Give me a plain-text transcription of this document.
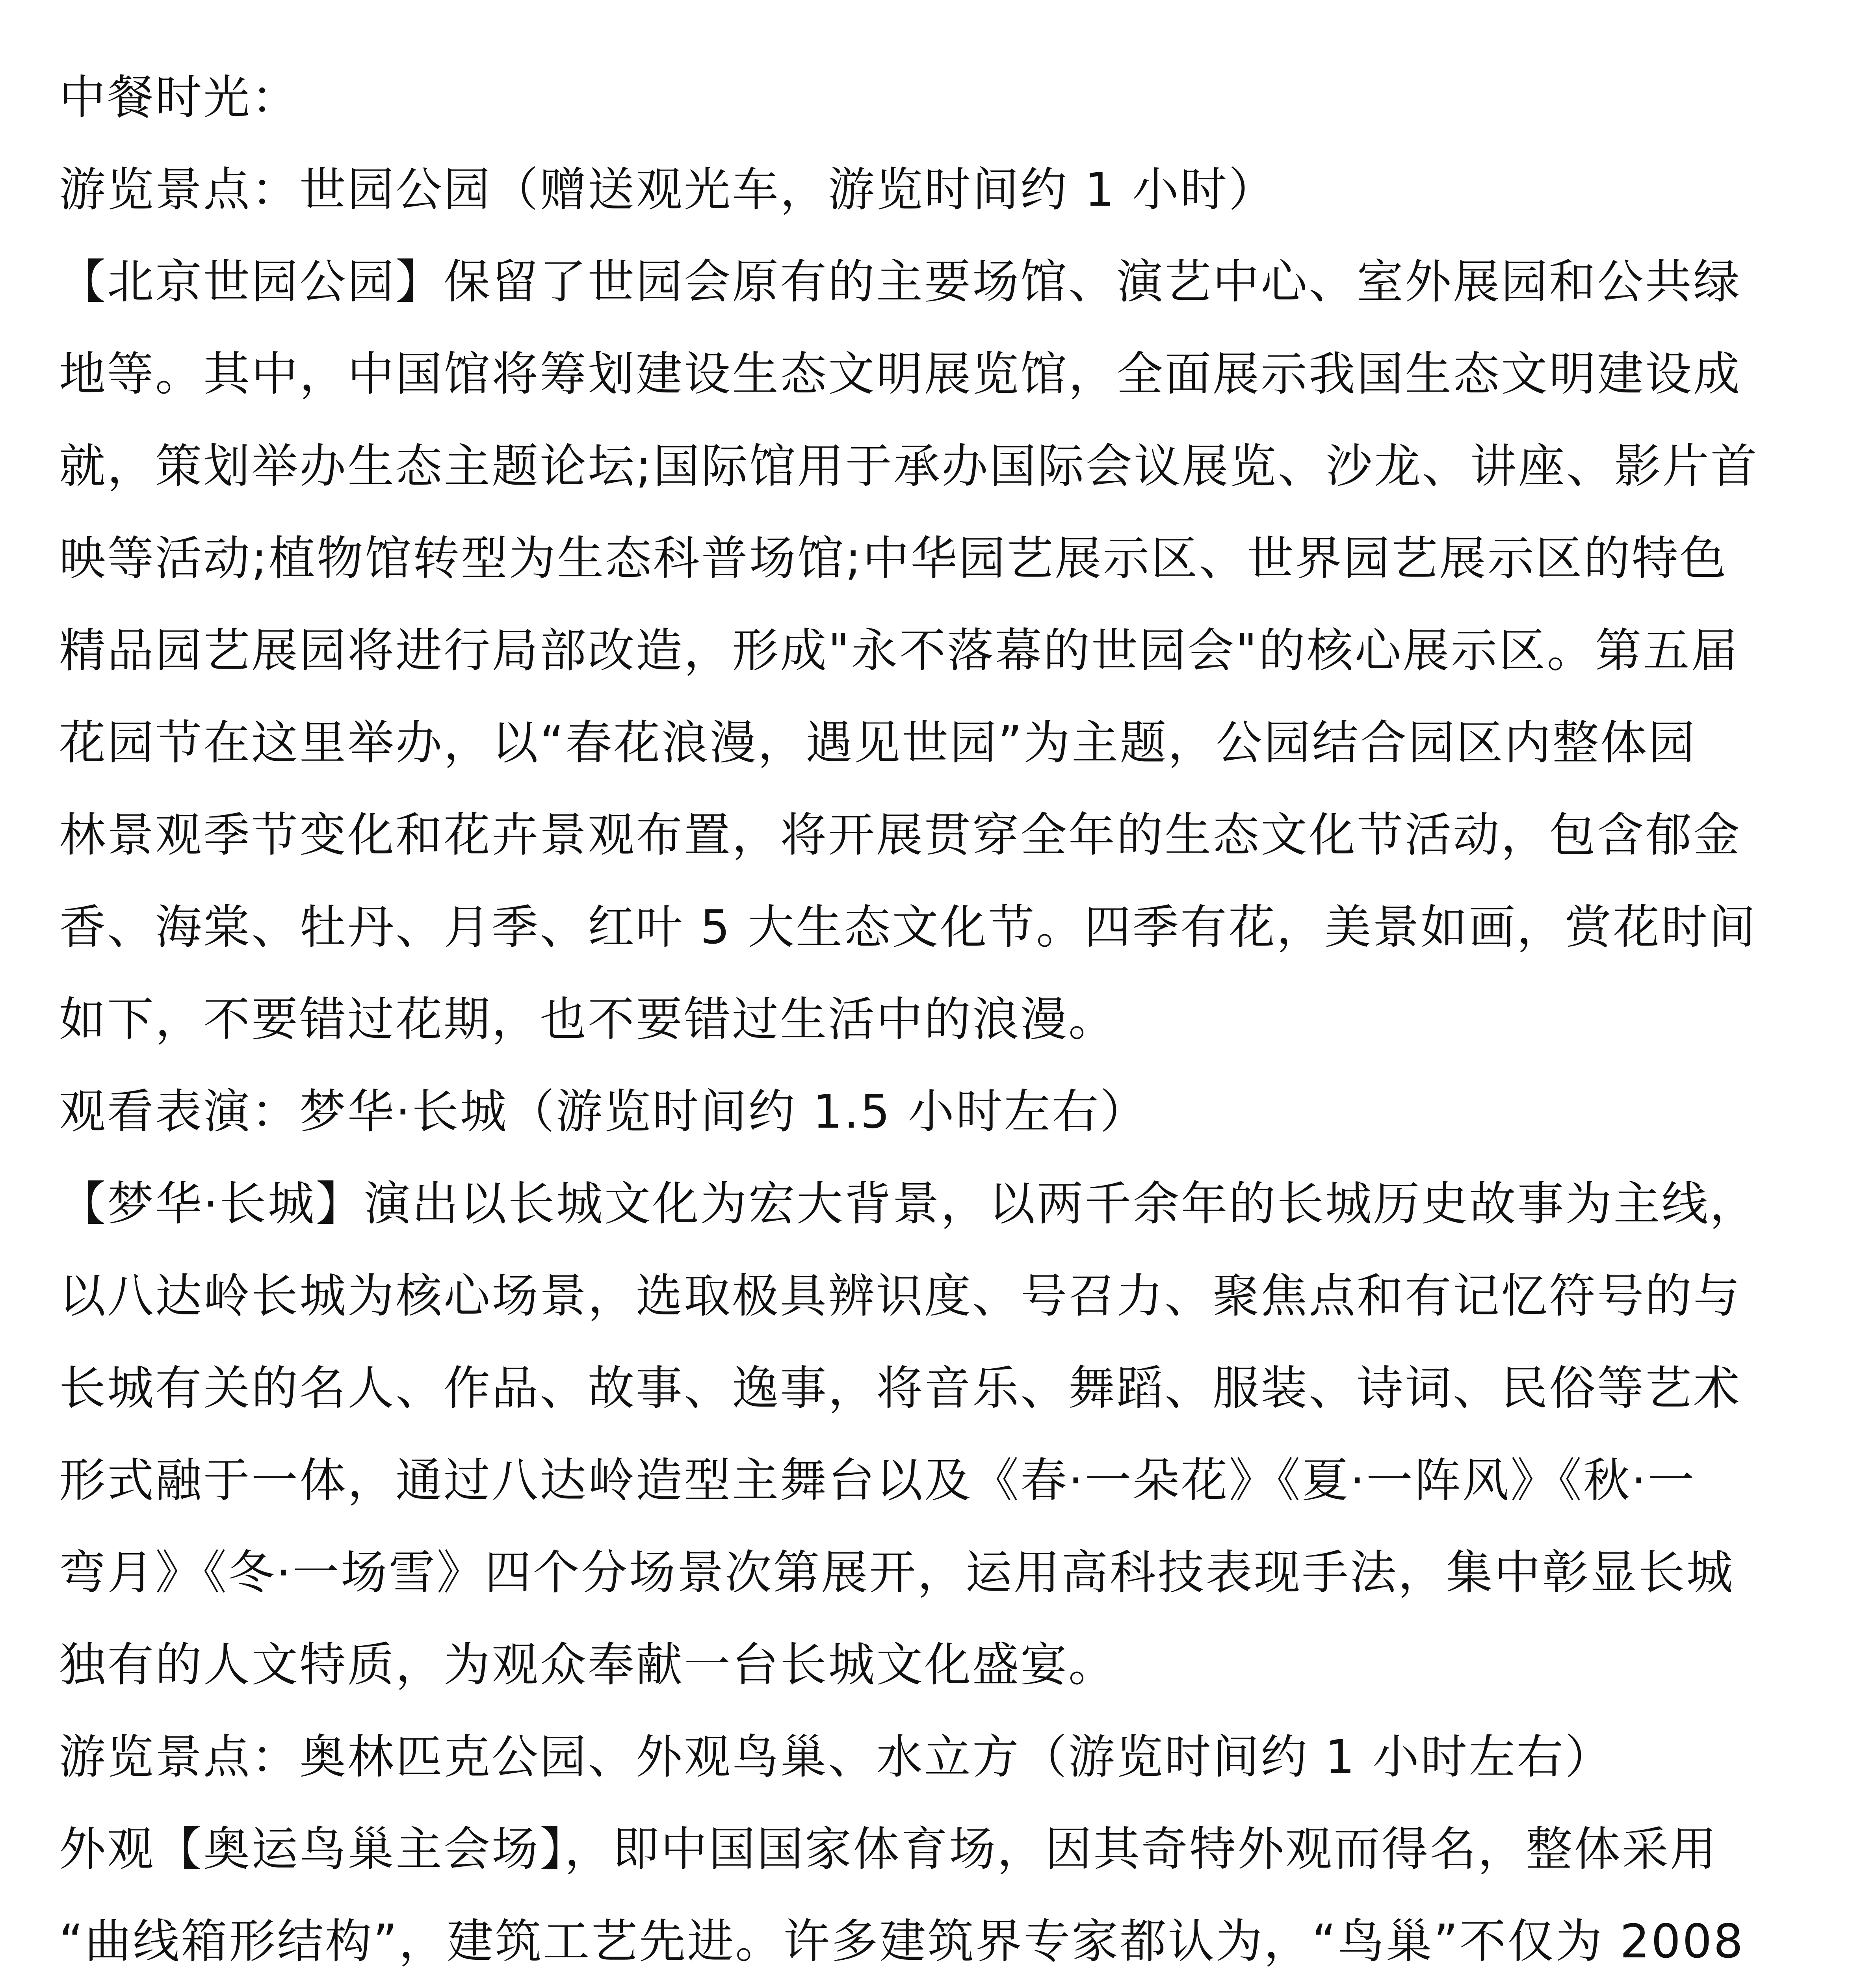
中餐时光：
游览景点：世园公园（赠送观光车，游览时间约 1 小时）
【北京世园公园】保留了世园会原有的主要场馆、演艺中心、室外展园和公共绿
地等。其中，中国馆将筹划建设生态文明展览馆，全面展示我国生态文明建设成
就，策划举办生态主题论坛;国际馆用于承办国际会议展览、沙龙、讲座、影片首
映等活动;植物馆转型为生态科普场馆;中华园艺展示区、世界园艺展示区的特色
精品园艺展园将进行局部改造，形成"永不落幕的世园会"的核心展示区。第五届
花园节在这里举办，以“春花浪漫，遇见世园”为主题，公园结合园区内整体园
林景观季节变化和花卉景观布置，将开展贯穿全年的生态文化节活动，包含郁金
香、海棠、牡丹、月季、红叶 5 大生态文化节。四季有花，美景如画，赏花时间
如下，不要错过花期，也不要错过生活中的浪漫。
观看表演：梦华·长城（游览时间约 1.5 小时左右）
【梦华·长城】演出以长城文化为宏大背景，以两千余年的长城历史故事为主线，
以八达岭长城为核心场景，选取极具辨识度、号召力、聚焦点和有记忆符号的与
长城有关的名人、作品、故事、逸事，将音乐、舞蹈、服装、诗词、民俗等艺术
形式融于一体，通过八达岭造型主舞台以及《春·一朵花》《夏·一阵风》《秋·一
弯月》《冬·一场雪》四个分场景次第展开，运用高科技表现手法，集中彰显长城
独有的人文特质，为观众奉献一台长城文化盛宴。
游览景点：奥林匹克公园、外观鸟巢、水立方（游览时间约 1 小时左右）
外观【奥运鸟巢主会场】，即中国国家体育场，因其奇特外观而得名，整体采用
“曲线箱形结构”，建筑工艺先进。许多建筑界专家都认为，“鸟巢”不仅为 2008
